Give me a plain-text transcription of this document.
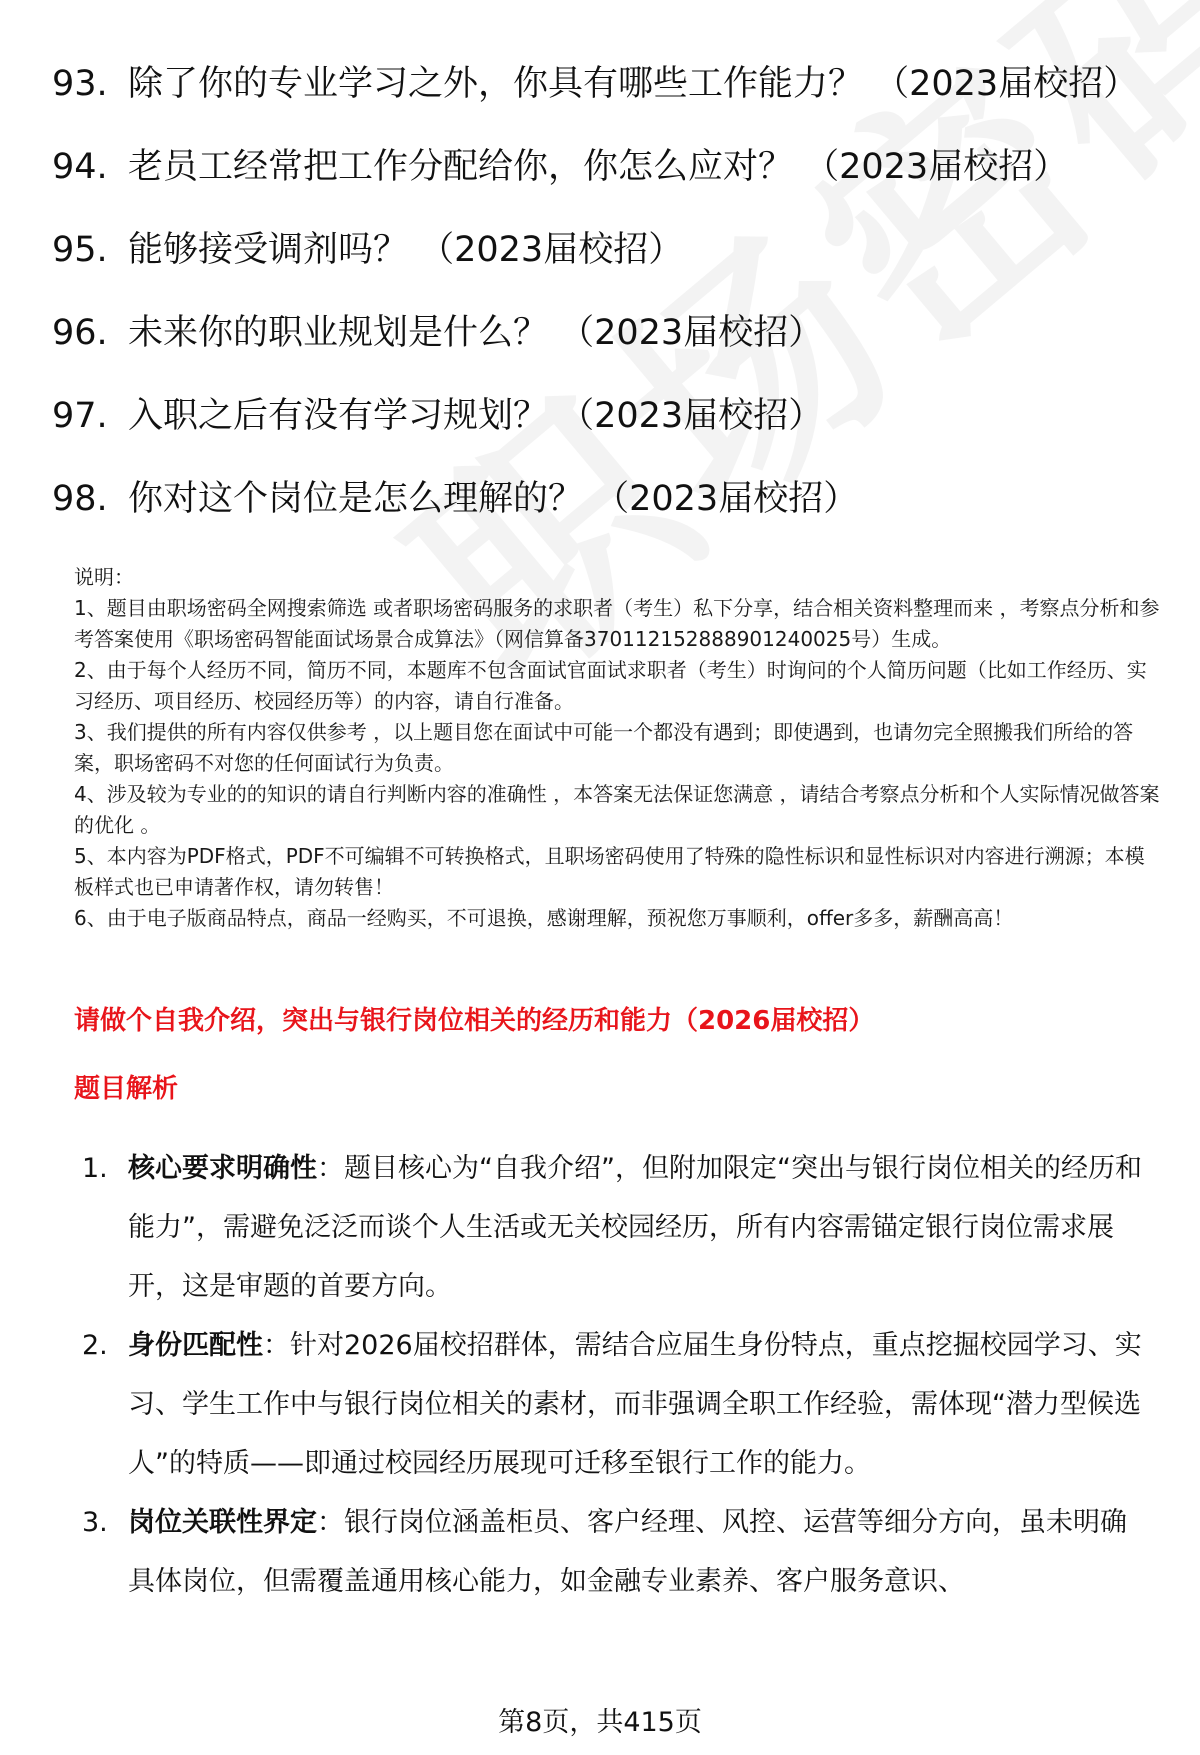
93. 除了你的专业学习之外，你具有哪些工作能力？ （2023届校招）
94. 老员工经常把工作分配给你，你怎么应对？ （2023届校招）
95. 能够接受调剂吗？ （2023届校招）
96. 未来你的职业规划是什么？ （2023届校招）
97. 入职之后有没有学习规划？ （2023届校招）
98. 你对这个岗位是怎么理解的？ （2023届校招）

说明：

1、题目由职场密码全网搜索筛选 或者职场密码服务的求职者（考生）私下分享，结合相关资料整理而来 ，考察点分析和参考答案使用《职场密码智能面试场景合成算法》（网信算备370112152888901240025号）生成。

2、由于每个人经历不同，简历不同，本题库不包含面试官面试求职者（考生）时询问的个人简历问题（比如工作经历、实习经历、项目经历、校园经历等）的内容，请自行准备。

3、我们提供的所有内容仅供参考 ，以上题目您在面试中可能一个都没有遇到；即使遇到，也请勿完全照搬我们所给的答案，职场密码不对您的任何面试行为负责。

4、涉及较为专业的的知识的请自行判断内容的准确性 ，本答案无法保证您满意 ，请结合考察点分析和个人实际情况做答案的优化 。

5、本内容为PDF格式，PDF不可编辑不可转换格式，且职场密码使用了特殊的隐性标识和显性标识对内容进行溯源；本模板样式也已申请著作权，请勿转售！

6、由于电子版商品特点，商品一经购买，不可退换，感谢理解，预祝您万事顺利，offer多多，薪酬高高！

请做个自我介绍，突出与银行岗位相关的经历和能力（2026届校招）
题目解析
1. 核心要求明确性：题目核心为“自我介绍”，但附加限定“突出与银行岗位相关的经历和能力”，需避免泛泛而谈个人生活或无关校园经历，所有内容需锚定银行岗位需求展开，这是审题的首要方向。
2. 身份匹配性：针对2026届校招群体，需结合应届生身份特点，重点挖掘校园学习、实习、学生工作中与银行岗位相关的素材，而非强调全职工作经验，需体现“潜力型候选人”的特质——即通过校园经历展现可迁移至银行工作的能力。
3. 岗位关联性界定：银行岗位涵盖柜员、客户经理、风控、运营等细分方向，虽未明确具体岗位，但需覆盖通用核心能力，如金融专业素养、客户服务意识、
第8页，共415页
